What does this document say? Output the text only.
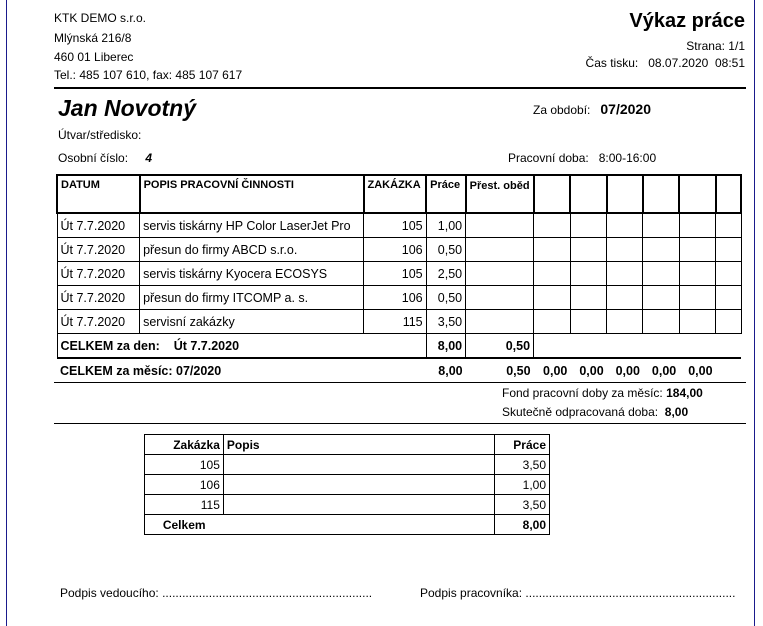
KTK DEMO s.r.o.
Mlýnská 216/8
460 01 Liberec
Tel.: 485 107 610, fax: 485 107 617
Výkaz práce
Strana: 1/1
Čas tisku: 08.07.2020 08:51
Jan Novotný	Za období: 07/2020
Útvar/středisko:
Osobní číslo: 4	Pracovní doba: 8:00-16:00
DATUM	POPIS PRACOVNÍ ČINNOSTI	ZAKÁZKA	Práce	Přest. oběd						
Út 7.7.2020	servis tiskárny HP Color LaserJet Pro	105	1,00							
Út 7.7.2020	přesun do firmy ABCD s.r.o.	106	0,50							
Út 7.7.2020	servis tiskárny Kyocera ECOSYS	105	2,50							
Út 7.7.2020	přesun do firmy ITCOMP a. s.	106	0,50							
Út 7.7.2020	servisní zakázky	115	3,50							
CELKEM za den: Út 7.7.2020			8,00	0,50						
CELKEM za měsíc: 07/2020			8,00	0,50	0,00	0,00	0,00	0,00	0,00	
Fond pracovní doby za měsíc: 184,00
Skutečně odpracovaná doba: 8,00
Zakázka	Popis	Práce
105		3,50
106		1,00
115		3,50
Celkem		8,00
Podpis vedoucího: ...............................................................	Podpis pracovníka: ...............................................................
